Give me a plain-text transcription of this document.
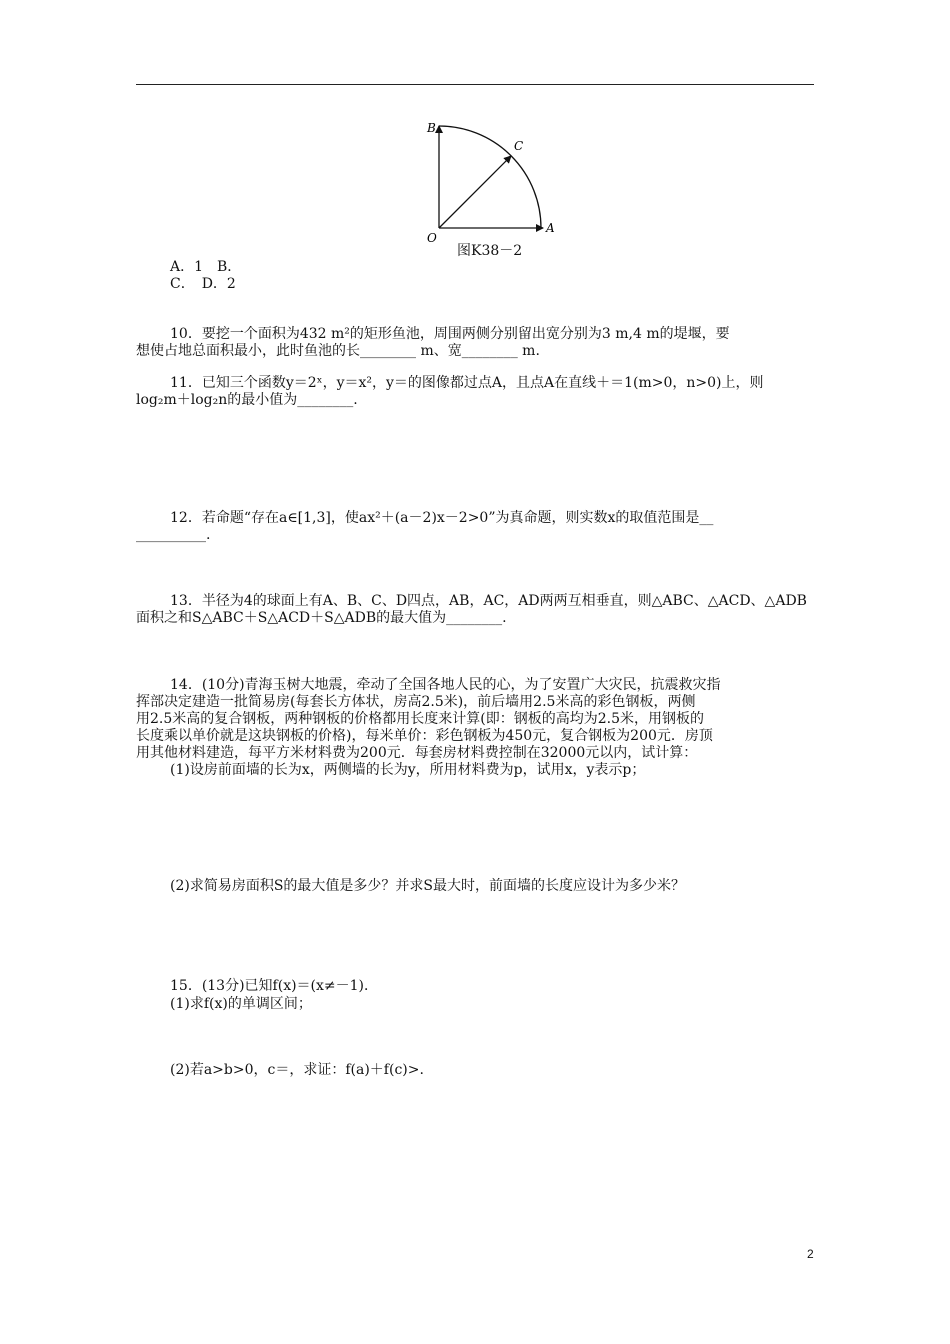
B
C
O
A
图K38－2
A．1　B．
C．　D．2
10．要挖一个面积为432 m²的矩形鱼池，周围两侧分别留出宽分别为3 m,4 m的堤堰，要
想使占地总面积最小，此时鱼池的长________ m、宽________ m.
11．已知三个函数y＝2ˣ，y＝x²，y＝的图像都过点A，且点A在直线＋＝1(m>0，n>0)上，则
log₂m＋log₂n的最小值为________.
12．若命题“存在a∈[1,3]，使ax²＋(a－2)x－2>0”为真命题，则实数x的取值范围是__
__________.
13．半径为4的球面上有A、B、C、D四点，AB，AC，AD两两互相垂直，则△ABC、△ACD、△ADB
面积之和S△ABC＋S△ACD＋S△ADB的最大值为________.
14．(10分)青海玉树大地震，牵动了全国各地人民的心，为了安置广大灾民，抗震救灾指
挥部决定建造一批简易房(每套长方体状，房高2.5米)，前后墙用2.5米高的彩色钢板，两侧
用2.5米高的复合钢板，两种钢板的价格都用长度来计算(即：钢板的高均为2.5米，用钢板的
长度乘以单价就是这块钢板的价格)，每米单价：彩色钢板为450元，复合钢板为200元．房顶
用其他材料建造，每平方米材料费为200元．每套房材料费控制在32000元以内，试计算：
(1)设房前面墙的长为x，两侧墙的长为y，所用材料费为p，试用x，y表示p；
(2)求简易房面积S的最大值是多少？并求S最大时，前面墙的长度应设计为多少米？
15．(13分)已知f(x)＝(x≠－1)．
(1)求f(x)的单调区间；
(2)若a>b>0，c＝，求证：f(a)＋f(c)>.
2
